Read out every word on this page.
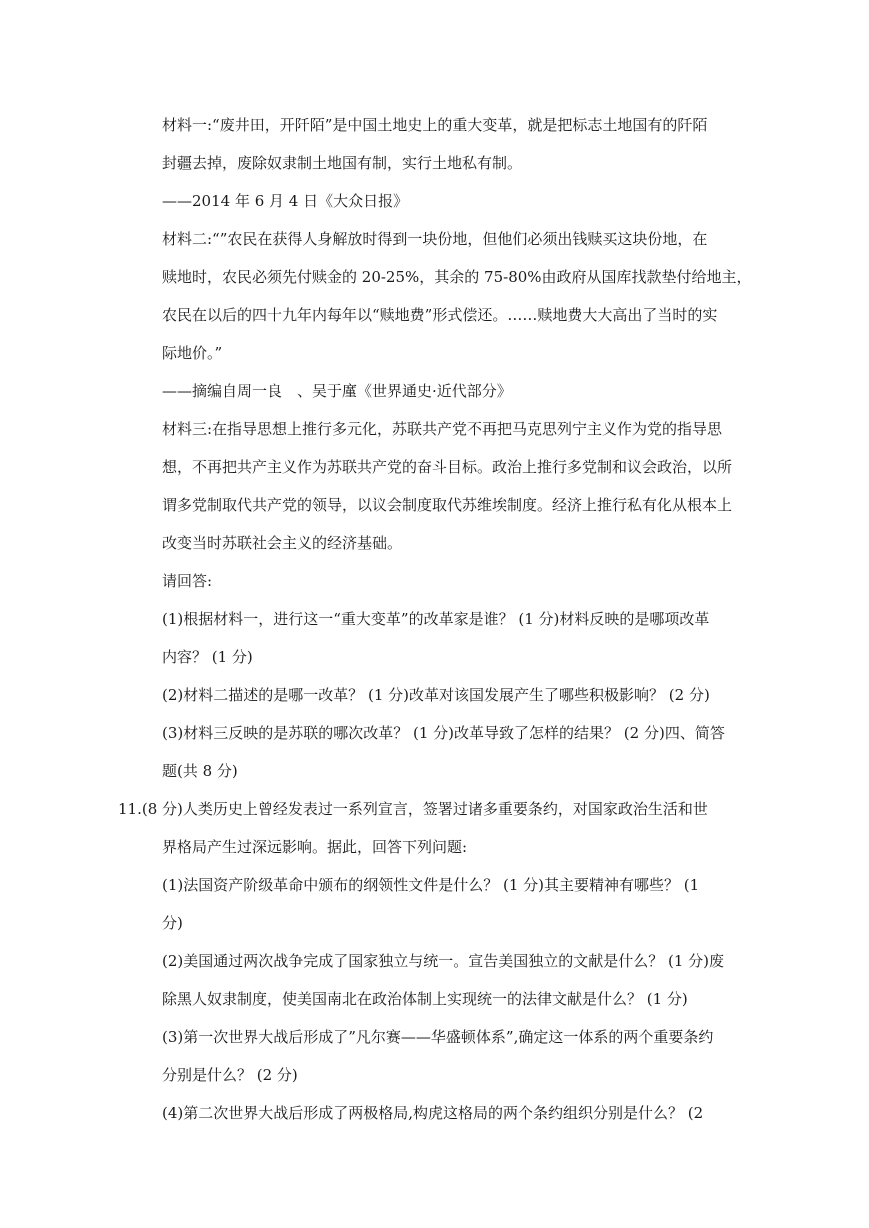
材料一:“废井田，开阡陌”是中国土地史上的重大变革，就是把标志土地国有的阡陌
封疆去掉，废除奴隶制土地国有制，实行土地私有制。
——2014 年 6 月 4 日《大众日报》
材料二:“”农民在获得人身解放时得到一块份地，但他们必须出钱赎买这块份地，在
赎地时，农民必须先付赎金的 20-25%，其余的 75-80%由政府从国库找款垫付给地主，
农民在以后的四十九年内每年以“赎地费”形式偿还。……赎地费大大高出了当时的实
际地价。”
——摘编自周一良　、吴于廑《世界通史·近代部分》
材料三:在指导思想上推行多元化，苏联共产党不再把马克思列宁主义作为党的指导思
想，不再把共产主义作为苏联共产党的奋斗目标。政治上推行多党制和议会政治，以所
谓多党制取代共产党的领导，以议会制度取代苏维埃制度。经济上推行私有化从根本上
改变当时苏联社会主义的经济基础。
请回答:
(1)根据材料一，进行这一“重大变革”的改革家是谁？ (1 分)材料反映的是哪项改革
内容？ (1 分)
(2)材料二描述的是哪一改革？ (1 分)改革对该国发展产生了哪些积极影响？ (2 分)
(3)材料三反映的是苏联的哪次改革？ (1 分)改革导致了怎样的结果？ (2 分)四、简答
题(共 8 分)
11.(8 分)人类历史上曾经发表过一系列宣言，签署过诸多重要条约，对国家政治生活和世
界格局产生过深远影响。据此，回答下列问题:
(1)法国资产阶级革命中颁布的纲领性文件是什么？ (1 分)其主要精神有哪些？ (1
分)
(2)美国通过两次战争完成了国家独立与统一。宣告美国独立的文献是什么？ (1 分)废
除黑人奴隶制度，使美国南北在政治体制上实现统一的法律文献是什么？ (1 分)
(3)第一次世界大战后形成了”凡尔赛——华盛顿体系”,确定这一体系的两个重要条约
分别是什么？ (2 分)
(4)第二次世界大战后形成了两极格局,构虎这格局的两个条约组织分别是什么？ (2
